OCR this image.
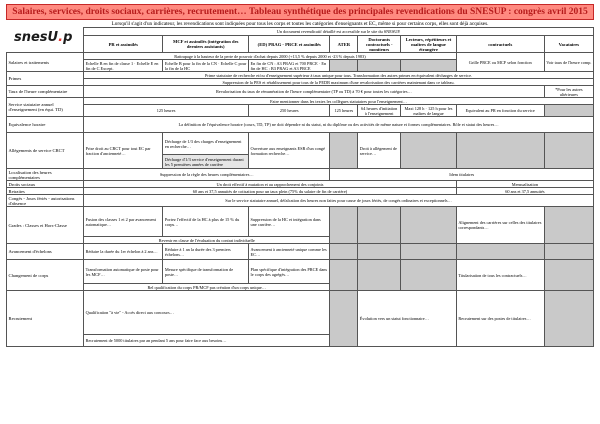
Salaires, services, droits sociaux, carrières, recrutement… Tableau synthétique des principales revendications du SNESUP : congrès avril 2015
Lorsqu'il s'agit d'un indicateur, les revendications sont indiquées pour tous les corps et toutes les catégories d'enseignants et EC, même si pour certains corps, elles sont déjà acquises.
	Un document revendicatif détaillé est accessible sur le site du SNESUP.							
	PR et assimilés	MCF et assimilés (intégration des derniers assistants)	(ED) PRAG - PRCE et assimilés	ATER	Doctorants contractuels - moniteurs	Lecteurs, répétiteurs et maîtres de langue étrangère	contractuels	Vacataires
Salaires et traitements	Rattrapage à la hauteur de la perte de pouvoir d'achat depuis 2000 (+13,5 % depuis 2000 et -23 % depuis 1983)						Grille PRCE ou MCF selon fonction	Voir taux de l'heure comp.
	Echelle B en fin de classe 1 · Echelle E en fin de C Except.	Echelle B pour la fin de la CN · Echelle C pour la fin de la HC	En fin de CN : A3 PRAG et 700 PRCE · En fin de HC : B3 PRAG et A3 PRCE					
Primes	Prime statutaire de recherche et/ou d'enseignement supérieur à taux unique pour tous. Transformation des autres primes en équivalent décharges de service.							
	Suppression de la PES et rétablissement pour tous de la PEDR maximum d'une revalorisation des carrières maintenant dans ce tableau.							
Taux de l'heure complémentaire	Revalorisation du taux de rémunération de l'heure complémentaire (TP ou TD) à 70 € pour toutes les catégories…							*Pour les autres ultérieures
Service statutaire annuel d'enseignement (en équi. TD)	Faire mentionner dans les textes les collègues statutaires pour l'enseignement…							
	125 heures		250 heures	125 heures	64 heures d'initiation à l'enseignement	Maxi 128 h · 125 h pour les maîtres de langue	Equivalent au PR en fonction du service	
Equivalence horaire	La définition de l'équivalence horaire (cours, TD, TP) ne doit dépendre ni du statut, ni du diplôme ou des activités de même nature et formes complémentaires. Rôle et statut des heures…							
Allègements de service CRCT	Prise droit au CRCT pour tout EC par fraction d'ancienneté…	Décharge de 1/3 des charges d'enseignement en recherche…	Ouverture aux enseignants ESR d'un congé formation recherche…		Droit à allègement de service…			
		Décharge d'1/3 service d'enseignement durant les 5 premières années de carrière						
Localisation des heures complémentaires	Suppression de la règle des heures complémentaires…			Idem titulaires				
Droits sociaux	Un droit effectif à mutation et au rapprochement des conjoints						Mensualisation	
Retraites	60 ans et 37,5 annuités de cotisation pour un taux plein (75% du salaire de fin de carrière)						60 ans et 37,5 annuités	
Congés - Jours fériés - autorisations d'absence	Sur le service statutaire annuel, défalcation des heures non faites pour cause de jours fériés, de congés ordinaires et exceptionnels…							
Grades : Classes et Hors-Classe	Fusion des classes 1 et 2 par avancement automatique…	Portez l'effectif de la HC à plus de 15 % du corps…	Suppression de la HC et intégration dans une carrière…				Alignement des carrières sur celles des titulaires correspondants…	
	Revenir en classe de l'évaluation du contrat individuelle							
Avancement d'échelons	Réduire la durée du 1er échelon à 2 ans…	Réduire à 1 an la durée des 3 premiers échelons…	Avancement à ancienneté unique comme les EC…					
Changement de corps	Transformation automatique de poste pour les MCF…	Mesure spécifique de transformation de poste…	Plan spécifique d'intégration des PRCE dans le corps des agrégés…				Titularisation de tous les contractuels…	
	Rel qualification du corps PR/MCF pas création d'un corps unique…							
Recrutement	Qualification "à vie" - Accès direct aux concours…				Évolution vers un statut fonctionnaire…		Recrutement sur des postes de titulaires…	
	Recrutement de 5000 titulaires par an pendant 5 ans pour faire face aux besoins…							
snesU.p
